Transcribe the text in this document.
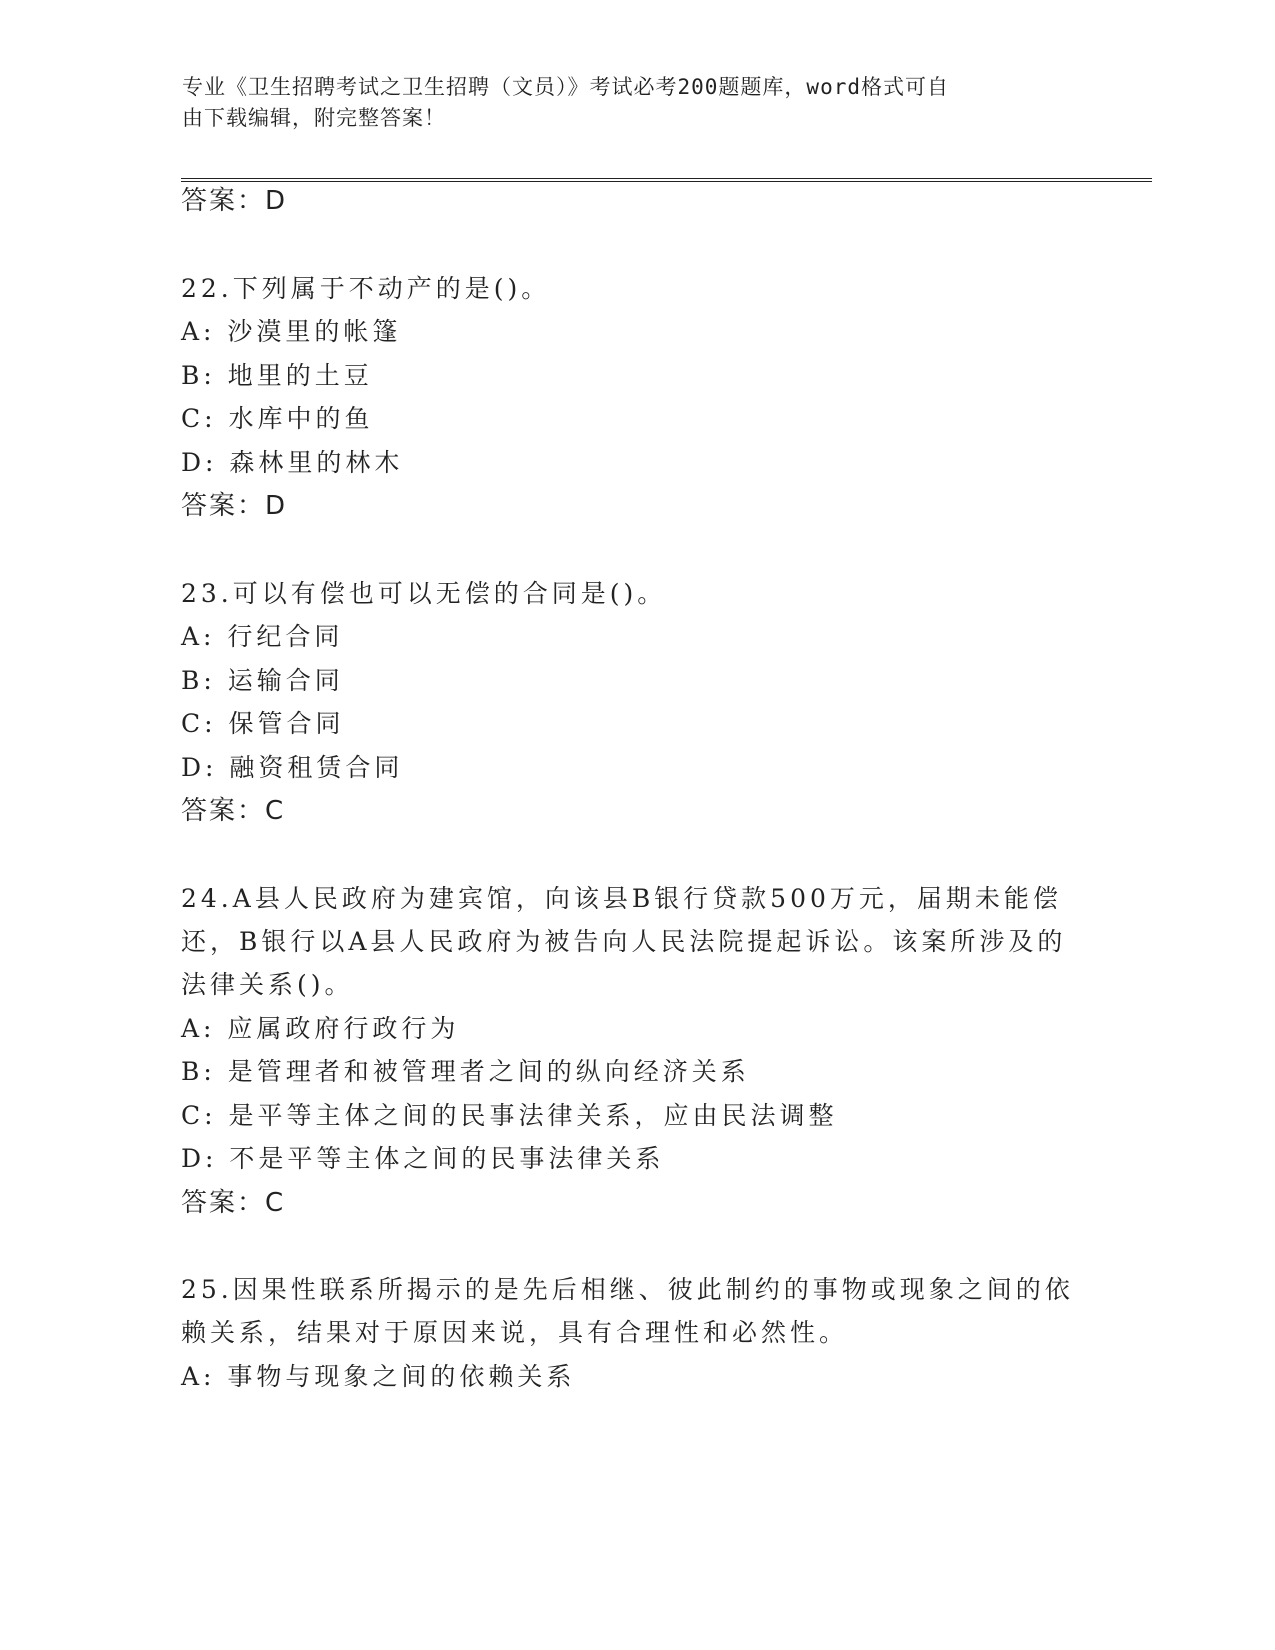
专业《卫生招聘考试之卫生招聘（文员）》考试必考200题题库，word格式可自
由下载编辑，附完整答案！
答案：D
22.下列属于不动产的是()。
A: 沙漠里的帐篷
B: 地里的土豆
C: 水库中的鱼
D: 森林里的林木
答案：D
23.可以有偿也可以无偿的合同是()。
A: 行纪合同
B: 运输合同
C: 保管合同
D: 融资租赁合同
答案：C
24.A县人民政府为建宾馆，向该县B银行贷款500万元，届期未能偿
还，B银行以A县人民政府为被告向人民法院提起诉讼。该案所涉及的
法律关系()。
A: 应属政府行政行为
B: 是管理者和被管理者之间的纵向经济关系
C: 是平等主体之间的民事法律关系，应由民法调整
D: 不是平等主体之间的民事法律关系
答案：C
25.因果性联系所揭示的是先后相继、彼此制约的事物或现象之间的依
赖关系，结果对于原因来说，具有合理性和必然性。
A: 事物与现象之间的依赖关系
